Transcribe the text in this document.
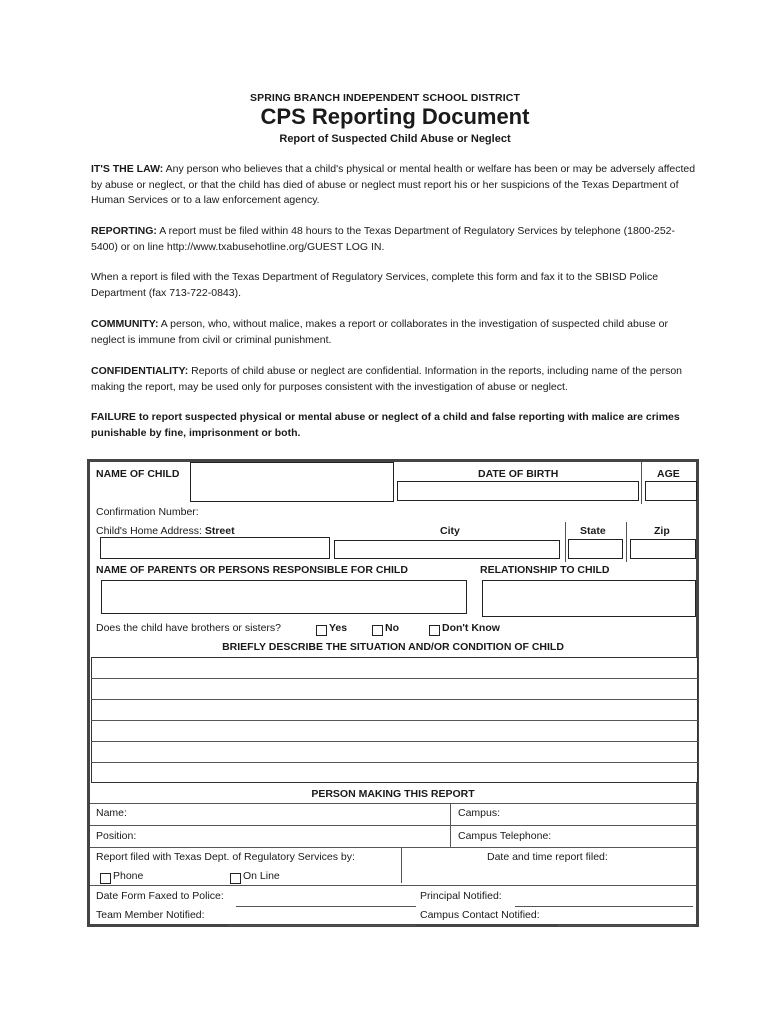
SPRING BRANCH INDEPENDENT SCHOOL DISTRICT
CPS Reporting Document
Report of Suspected Child Abuse or Neglect
IT'S THE LAW: Any person who believes that a child's physical or mental health or welfare has been or may be adversely affected by abuse or neglect, or that the child has died of abuse or neglect must report his or her suspicions of the Texas Department of Human Services or to a law enforcement agency.
REPORTING: A report must be filed within 48 hours to the Texas Department of Regulatory Services by telephone (1800-252-5400) or on line http://www.txabusehotline.org/GUEST LOG IN.
When a report is filed with the Texas Department of Regulatory Services, complete this form and fax it to the SBISD Police Department (fax 713-722-0843).
COMMUNITY: A person, who, without malice, makes a report or collaborates in the investigation of suspected child abuse or neglect is immune from civil or criminal punishment.
CONFIDENTIALITY: Reports of child abuse or neglect are confidential. Information in the reports, including name of the person making the report, may be used only for purposes consistent with the investigation of abuse or neglect.
FAILURE to report suspected physical or mental abuse or neglect of a child and false reporting with malice are crimes punishable by fine, imprisonment or both.
NAME OF CHILD	DATE OF BIRTH	AGE
Confirmation Number:
Child's Home Address: Street	City	State	Zip
NAME OF PARENTS OR PERSONS RESPONSIBLE FOR CHILD	RELATIONSHIP TO CHILD
Does the child have brothers or sisters?	Yes	No	Don't Know
BRIEFLY DESCRIBE THE SITUATION AND/OR CONDITION OF CHILD
PERSON MAKING THIS REPORT
Name:	Campus:
Position:	Campus Telephone:
Report filed with Texas Dept. of Regulatory Services by:	Date and time report filed:
Phone	On Line
Date Form Faxed to Police:	Principal Notified:
Team Member Notified:	Campus Contact Notified:
